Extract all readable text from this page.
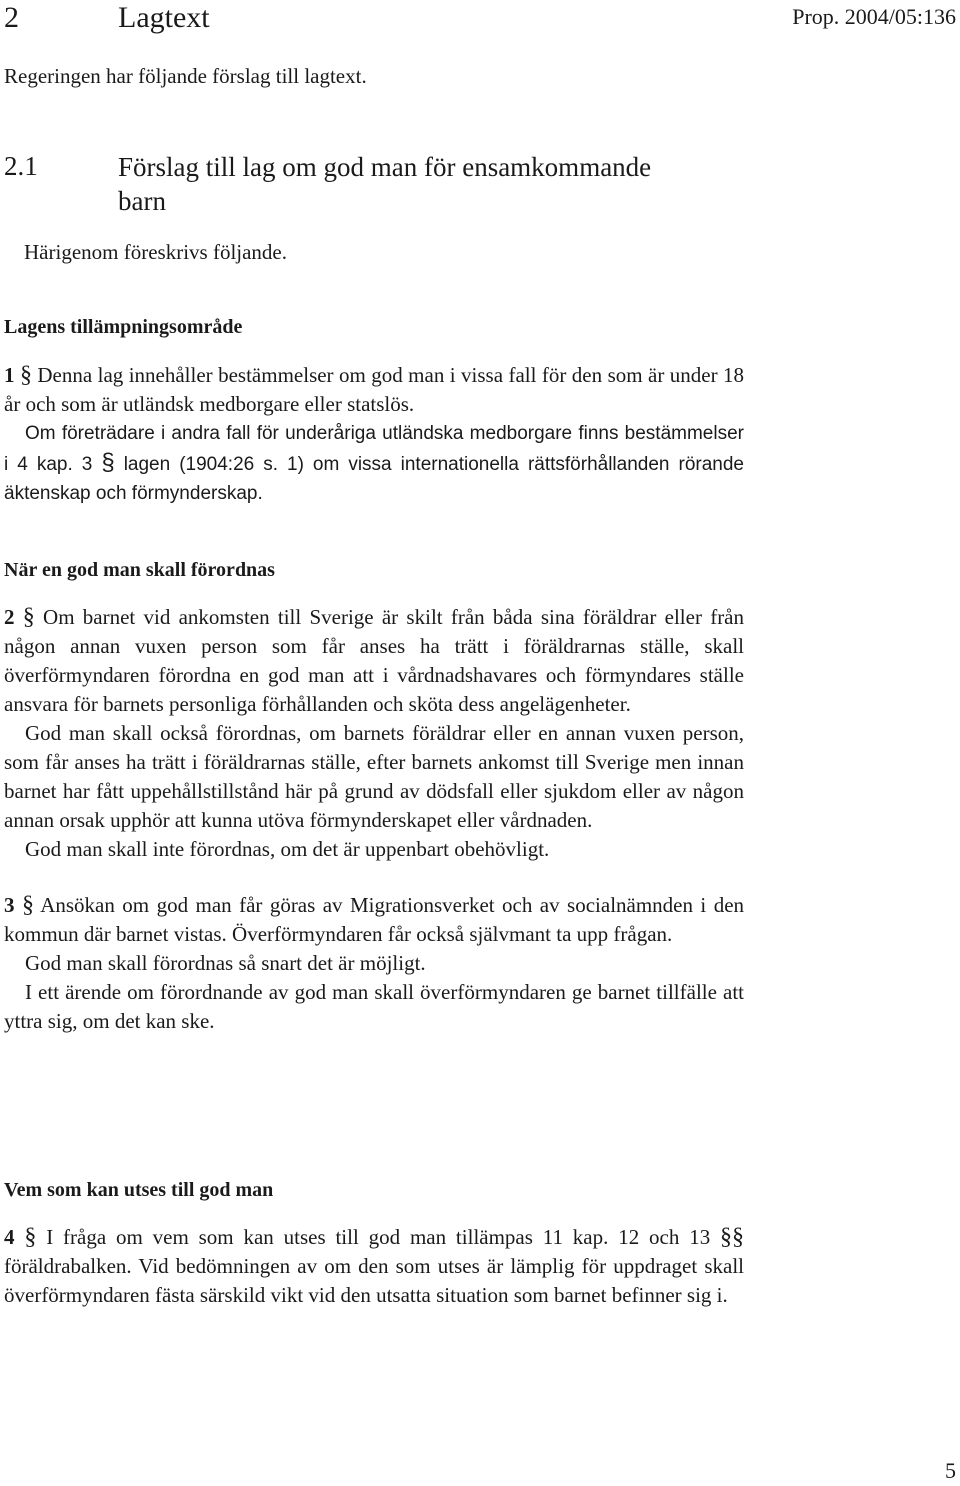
2	Lagtext	Prop. 2004/05:136
Regeringen har följande förslag till lagtext.
2.1	Förslag till lag om god man för ensamkommande
barn
Härigenom föreskrivs följande.
Lagens tillämpningsområde

1 § Denna lag innehåller bestämmelser om god man i vissa fall för den som är under 18 år och som är utländsk medborgare eller statslös.

Om företrädare i andra fall för underåriga utländska medborgare finns bestämmelser i 4 kap. 3 § lagen (1904:26 s. 1) om vissa internationella rättsförhållanden rörande äktenskap och förmynderskap.

När en god man skall förordnas

2 § Om barnet vid ankomsten till Sverige är skilt från båda sina föräldrar eller från någon annan vuxen person som får anses ha trätt i föräldrarnas ställe, skall överförmyndaren förordna en god man att i vårdnadshavares och förmyndares ställe ansvara för barnets personliga förhållanden och sköta dess angelägenheter.

God man skall också förordnas, om barnets föräldrar eller en annan vuxen person, som får anses ha trätt i föräldrarnas ställe, efter barnets ankomst till Sverige men innan barnet har fått uppehållstillstånd här på grund av dödsfall eller sjukdom eller av någon annan orsak upphör att kunna utöva förmynderskapet eller vårdnaden.

God man skall inte förordnas, om det är uppenbart obehövligt.

3 § Ansökan om god man får göras av Migrationsverket och av socialnämnden i den kommun där barnet vistas. Överförmyndaren får också självmant ta upp frågan.

God man skall förordnas så snart det är möjligt.

I ett ärende om förordnande av god man skall överförmyndaren ge barnet tillfälle att yttra sig, om det kan ske.

Vem som kan utses till god man

4 § I fråga om vem som kan utses till god man tillämpas 11 kap. 12 och 13 §§ föräldrabalken. Vid bedömningen av om den som utses är lämplig för uppdraget skall överförmyndaren fästa särskild vikt vid den utsatta situation som barnet befinner sig i.

5
